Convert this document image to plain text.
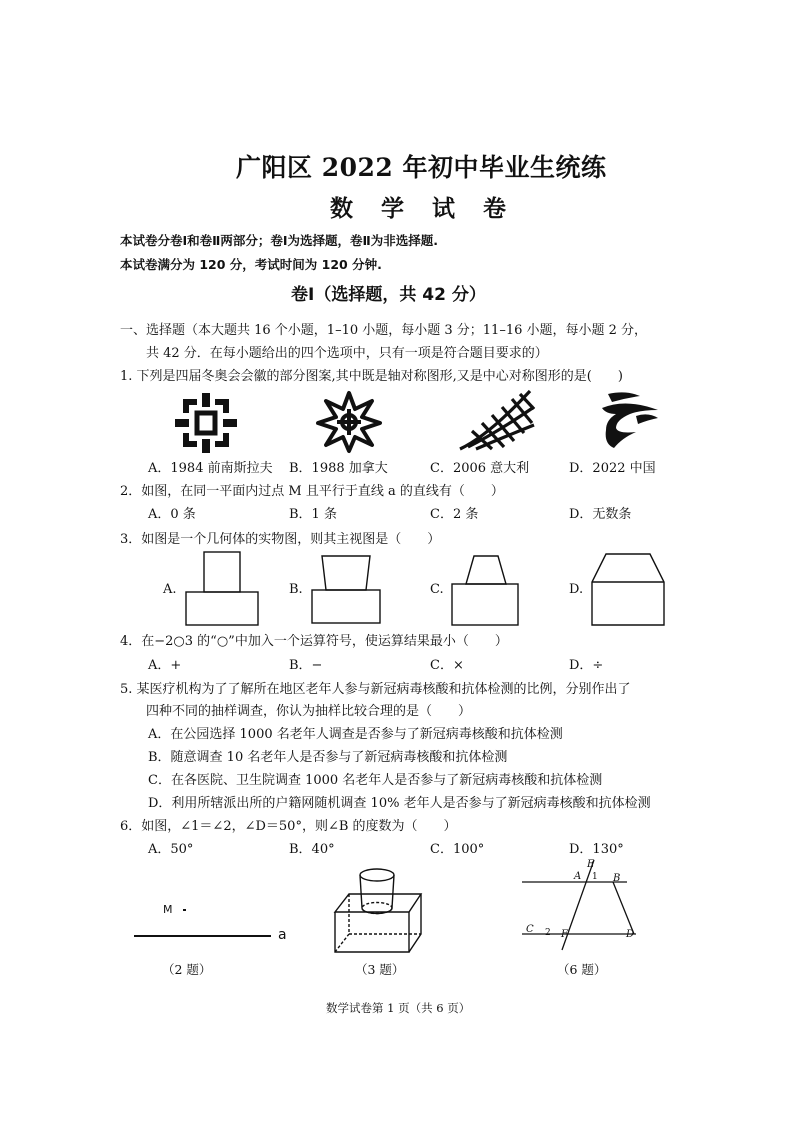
广阳区 2022 年初中毕业生统练
数 学 试 卷
本试卷分卷Ⅰ和卷Ⅱ两部分；卷Ⅰ为选择题，卷Ⅱ为非选择题.
本试卷满分为 120 分，考试时间为 120 分钟.
卷Ⅰ（选择题，共 42 分）
一、选择题（本大题共 16 个小题，1–10 小题，每小题 3 分；11–16 小题，每小题 2 分，
共 42 分．在每小题给出的四个选项中，只有一项是符合题目要求的）
1. 下列是四届冬奥会会徽的部分图案,其中既是轴对称图形,又是中心对称图形的是(　　)
A．1984 前南斯拉夫 B．1988 加拿大	C．2006 意大利	D．2022 中国
2．如图，在同一平面内过点 M 且平行于直线 a 的直线有（　　）
A．0 条	B．1 条	C．2 条	D．无数条
3．如图是一个几何体的实物图，则其主视图是（　　）
A.	B.	C.	D.
4．在−2○3 的“○”中加入一个运算符号，使运算结果最小（　　）
A．+	B．−	C．×	D．÷
5. 某医疗机构为了了解所在地区老年人参与新冠病毒核酸和抗体检测的比例，分别作出了
四种不同的抽样调查，你认为抽样比较合理的是（　　）
A．在公园选择 1000 名老年人调查是否参与了新冠病毒核酸和抗体检测
B．随意调查 10 名老年人是否参与了新冠病毒核酸和抗体检测
C．在各医院、卫生院调查 1000 名老年人是否参与了新冠病毒核酸和抗体检测
D．利用所辖派出所的户籍网随机调查 10% 老年人是否参与了新冠病毒核酸和抗体检测
6．如图，∠1＝∠2，∠D＝50°，则∠B 的度数为（　　）
A．50°	B．40°	C．100°	D．130°
M
a
E
A 1 B
C 2 F	D
（2 题）	（3 题）	（6 题）
数学试卷第 1 页（共 6 页）
